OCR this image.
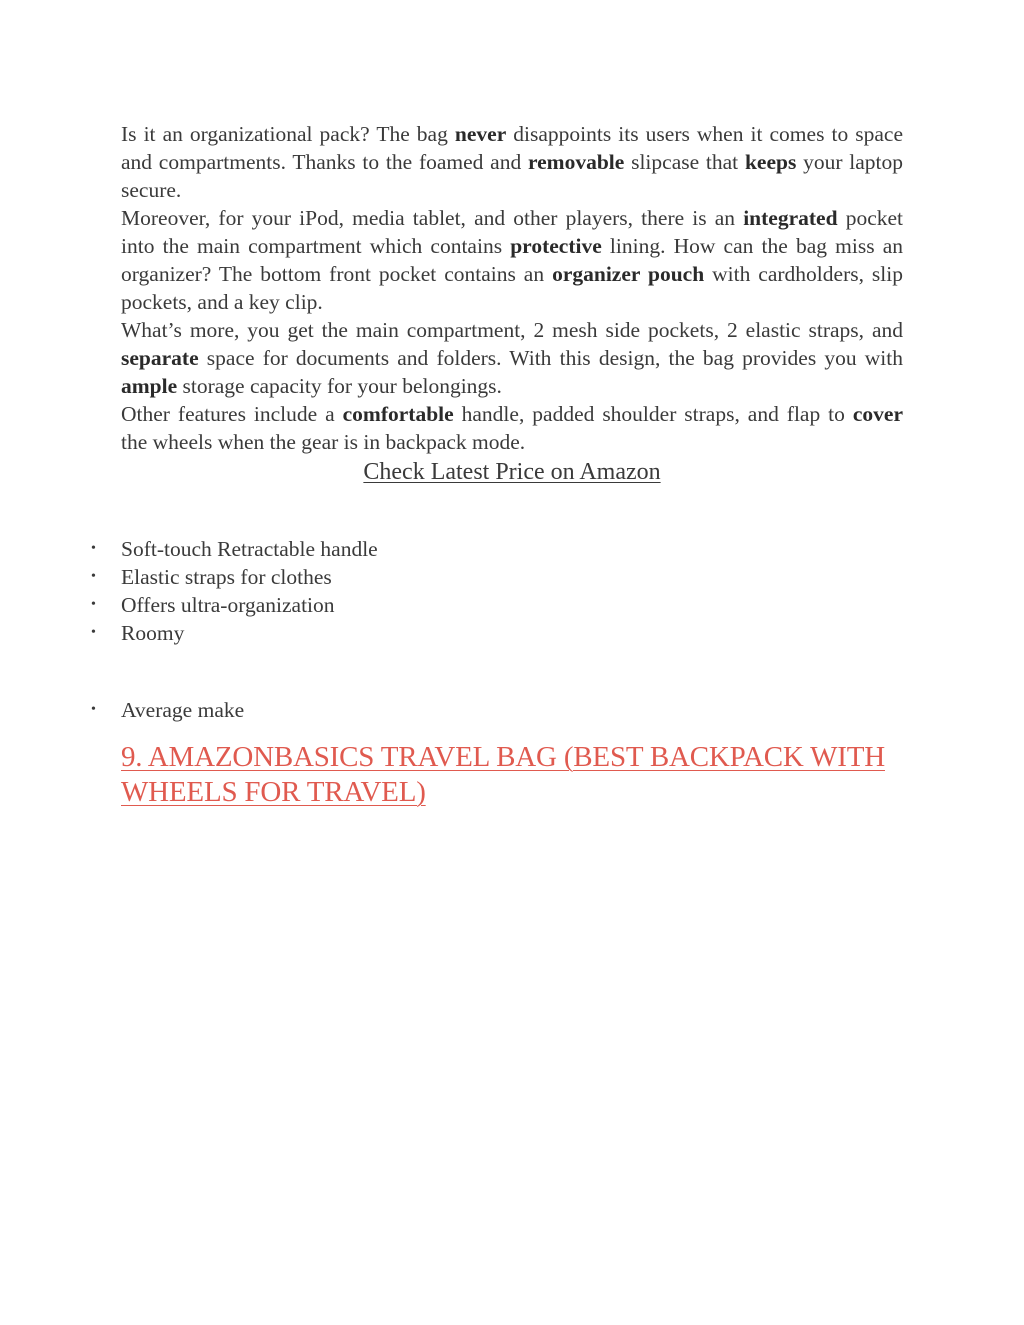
Is it an organizational pack? The bag never disappoints its users when it comes to space and compartments. Thanks to the foamed and removable slipcase that keeps your laptop secure.

Moreover, for your iPod, media tablet, and other players, there is an integrated pocket into the main compartment which contains protective lining. How can the bag miss an organizer? The bottom front pocket contains an organizer pouch with cardholders, slip pockets, and a key clip.

What’s more, you get the main compartment, 2 mesh side pockets, 2 elastic straps, and separate space for documents and folders. With this design, the bag provides you with ample storage capacity for your belongings.

Other features include a comfortable handle, padded shoulder straps, and flap to cover the wheels when the gear is in backpack mode.

Check Latest Price on Amazon
• Soft-touch Retractable handle
• Elastic straps for clothes
• Offers ultra-organization
• Roomy
• Average make
9. AMAZONBASICS TRAVEL BAG (BEST BACKPACK WITH WHEELS FOR TRAVEL)
